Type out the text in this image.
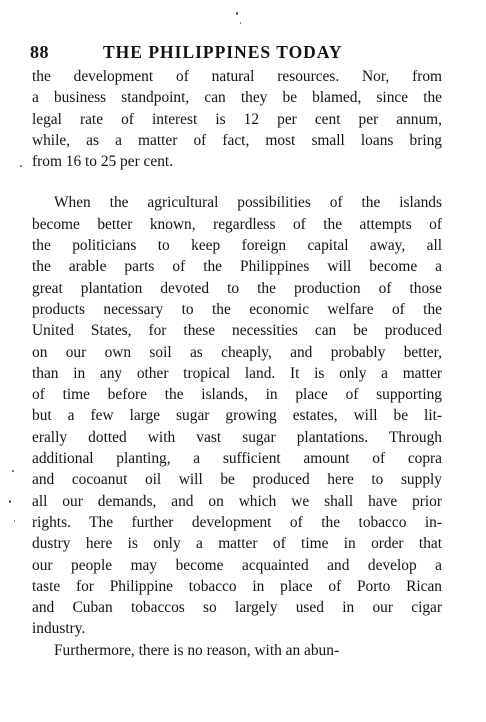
88	THE PHILIPPINES TODAY
the development of natural resources. Nor, from
a business standpoint, can they be blamed, since the
legal rate of interest is 12 per cent per annum,
while, as a matter of fact, most small loans bring
from 16 to 25 per cent.
When the agricultural possibilities of the islands
become better known, regardless of the attempts of
the politicians to keep foreign capital away, all
the arable parts of the Philippines will become a
great plantation devoted to the production of those
products necessary to the economic welfare of the
United States, for these necessities can be produced
on our own soil as cheaply, and probably better,
than in any other tropical land. It is only a matter
of time before the islands, in place of supporting
but a few large sugar growing estates, will be lit-
erally dotted with vast sugar plantations. Through
additional planting, a sufficient amount of copra
and cocoanut oil will be produced here to supply
all our demands, and on which we shall have prior
rights. The further development of the tobacco in-
dustry here is only a matter of time in order that
our people may become acquainted and develop a
taste for Philippine tobacco in place of Porto Rican
and Cuban tobaccos so largely used in our cigar
industry.
Furthermore, there is no reason, with an abun-
